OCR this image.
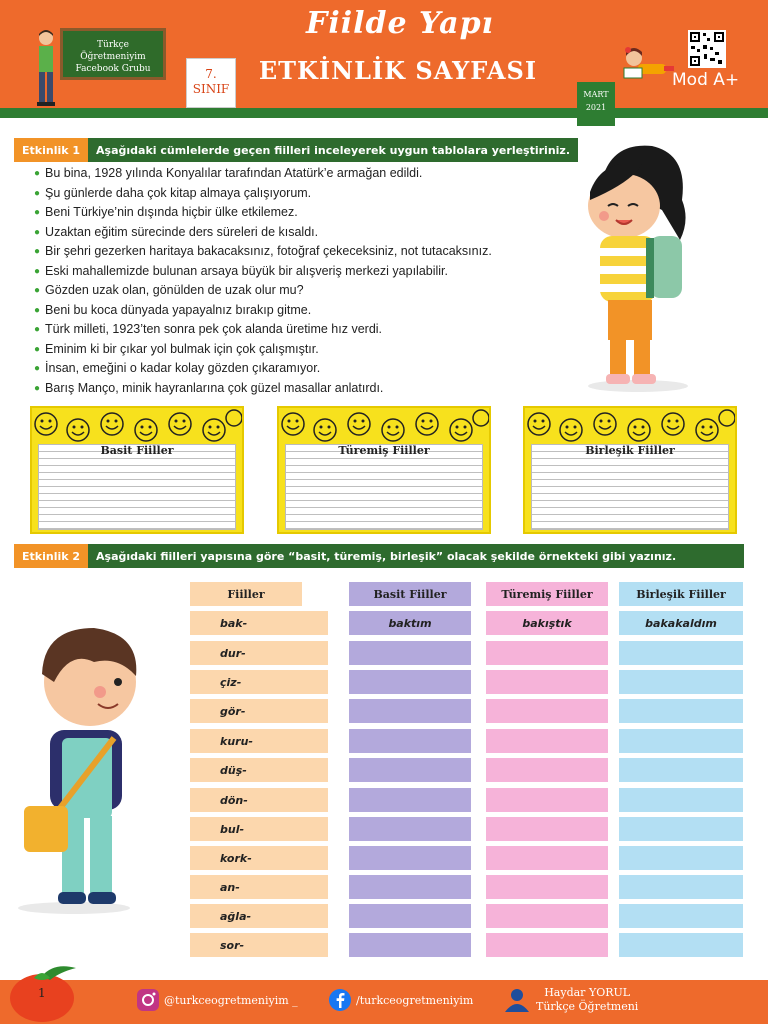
Türkçe Öğretmeniyim
Facebook Grubu
Fiilde Yapı
ETKİNLİK SAYFASI
7.
SINIF	MART
2021
Mod A+
Etkinlik 1	Aşağıdaki cümlelerde geçen fiilleri inceleyerek uygun tablolara yerleştiriniz.
● Bu bina, 1928 yılında Konyalılar tarafından Atatürk’e armağan edildi.
● Şu günlerde daha çok kitap almaya çalışıyorum.
● Beni Türkiye’nin dışında hiçbir ülke etkilemez.
● Uzaktan eğitim sürecinde ders süreleri de kısaldı.
● Bir şehri gezerken haritaya bakacaksınız, fotoğraf çekeceksiniz, not tutacaksınız.
● Eski mahallemizde bulunan arsaya büyük bir alışveriş merkezi yapılabilir.
● Gözden uzak olan, gönülden de uzak olur mu?
● Beni bu koca dünyada yapayalnız bırakıp gitme.
● Türk milleti, 1923’ten sonra pek çok alanda üretime hız verdi.
● Eminim ki bir çıkar yol bulmak için çok çalışmıştır.
● İnsan, emeğini o kadar kolay gözden çıkaramıyor.
● Barış Manço, minik hayranlarına çok güzel masallar anlatırdı.
Basit Fiiller	Türemiş Fiiller	Birleşik Fiiller
Etkinlik 2	Aşağıdaki fiilleri yapısına göre “basit, türemiş, birleşik” olacak şekilde örnekteki gibi yazınız.
Fiiller	Basit Fiiller	Türemiş Fiiller	Birleşik Fiiller
bak-	baktım	bakıştık	bakakaldım
dur-
çiz-
gör-
kuru-
düş-
dön-
bul-
kork-
an-
ağla-
sor-
1	@turkceogretmeniyim _	/turkceogretmeniyim
Haydar YORUL
Türkçe Öğretmeni
